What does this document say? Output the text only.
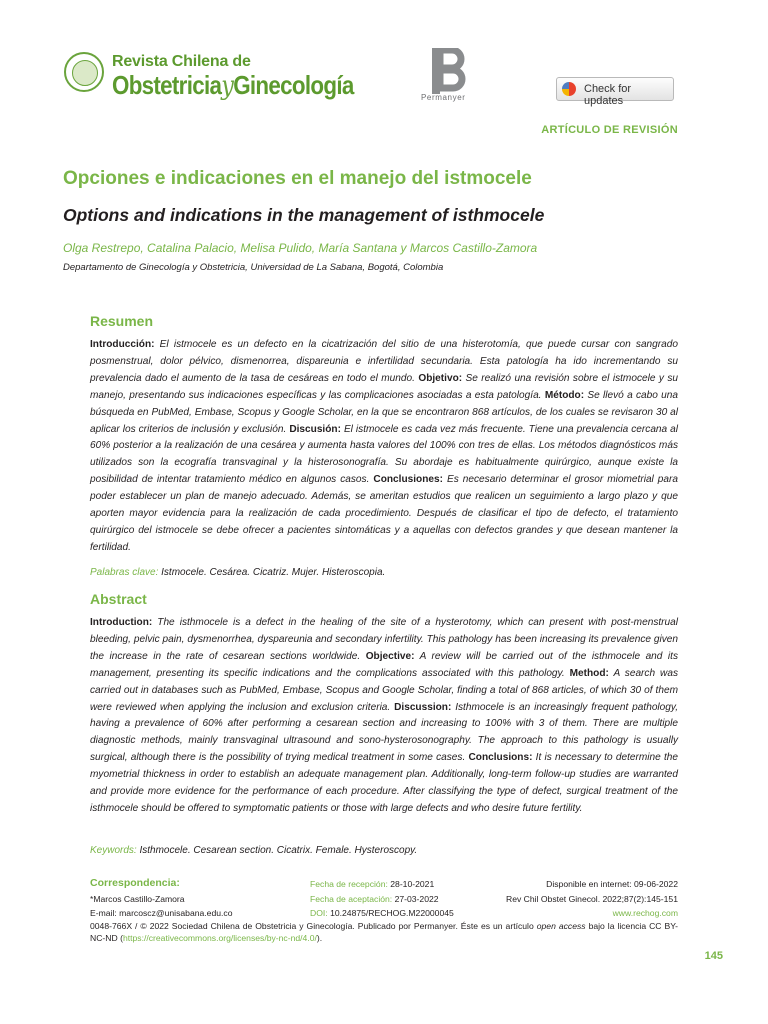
Revista Chilena de
ObstetriciayGinecología	Permanyer
Check for updates
ARTÍCULO DE REVISIÓN
Opciones e indicaciones en el manejo del istmocele
Options and indications in the management of isthmocele
Olga Restrepo, Catalina Palacio, Melisa Pulido, María Santana y Marcos Castillo-Zamora
Departamento de Ginecología y Obstetricia, Universidad de La Sabana, Bogotá, Colombia
Resumen
Introducción: El istmocele es un defecto en la cicatrización del sitio de una histerotomía, que puede cursar con sangrado posmenstrual, dolor pélvico, dismenorrea, dispareunia e infertilidad secundaria. Esta patología ha ido incrementando su prevalencia dado el aumento de la tasa de cesáreas en todo el mundo. Objetivo: Se realizó una revisión sobre el istmocele y su manejo, presentando sus indicaciones específicas y las complicaciones asociadas a esta patología. Método: Se llevó a cabo una búsqueda en PubMed, Embase, Scopus y Google Scholar, en la que se encontraron 868 artículos, de los cuales se revisaron 30 al aplicar los criterios de inclusión y exclusión. Discusión: El istmocele es cada vez más frecuente. Tiene una prevalencia cercana al 60% posterior a la realización de una cesárea y aumenta hasta valores del 100% con tres de ellas. Los métodos diagnósticos más utilizados son la ecografía transvaginal y la histerosonografía. Su abordaje es habitualmente quirúrgico, aunque existe la posibilidad de intentar tratamiento médico en algunos casos. Conclusiones: Es necesario determinar el grosor miometrial para poder establecer un plan de manejo adecuado. Además, se ameritan estudios que realicen un seguimiento a largo plazo y que aporten mayor evidencia para la realización de cada procedimiento. Después de clasificar el tipo de defecto, el tratamiento quirúrgico del istmocele se debe ofrecer a pacientes sintomáticas y a aquellas con defectos grandes y que desean mantener la fertilidad.
Palabras clave: Istmocele. Cesárea. Cicatriz. Mujer. Histeroscopia.
Abstract
Introduction: The isthmocele is a defect in the healing of the site of a hysterotomy, which can present with post-menstrual bleeding, pelvic pain, dysmenorrhea, dyspareunia and secondary infertility. This pathology has been increasing its prevalence given the increase in the rate of cesarean sections worldwide. Objective: A review will be carried out of the isthmocele and its management, presenting its specific indications and the complications associated with this pathology. Method: A search was carried out in databases such as PubMed, Embase, Scopus and Google Scholar, finding a total of 868 articles, of which 30 of them were reviewed when applying the inclusion and exclusion criteria. Discussion: Isthmocele is an increasingly frequent pathology, having a prevalence of 60% after performing a cesarean section and increasing to 100% with 3 of them. There are multiple diagnostic methods, mainly transvaginal ultrasound and sono-hysterosonography. The approach to this pathology is usually surgical, although there is the possibility of trying medical treatment in some cases. Conclusions: It is necessary to determine the myometrial thickness in order to establish an adequate management plan. Additionally, long-term follow-up studies are warranted and provide more evidence for the performance of each procedure. After classifying the type of defect, surgical treatment of the isthmocele should be offered to symptomatic patients or those with large defects and who desire future fertility.
Keywords: Isthmocele. Cesarean section. Cicatrix. Female. Hysteroscopy.
Correspondencia:
*Marcos Castillo-Zamora
E-mail: marcoscz@unisabana.edu.co
Fecha de recepción: 28-10-2021
Fecha de aceptación: 27-03-2022
DOI: 10.24875/RECHOG.M22000045
Disponible en internet: 09-06-2022
Rev Chil Obstet Ginecol. 2022;87(2):145-151
www.rechog.com
0048-766X / © 2022 Sociedad Chilena de Obstetricia y Ginecología. Publicado por Permanyer. Éste es un artículo open access bajo la licencia CC BY-NC-ND (https://creativecommons.org/licenses/by-nc-nd/4.0/).
145
